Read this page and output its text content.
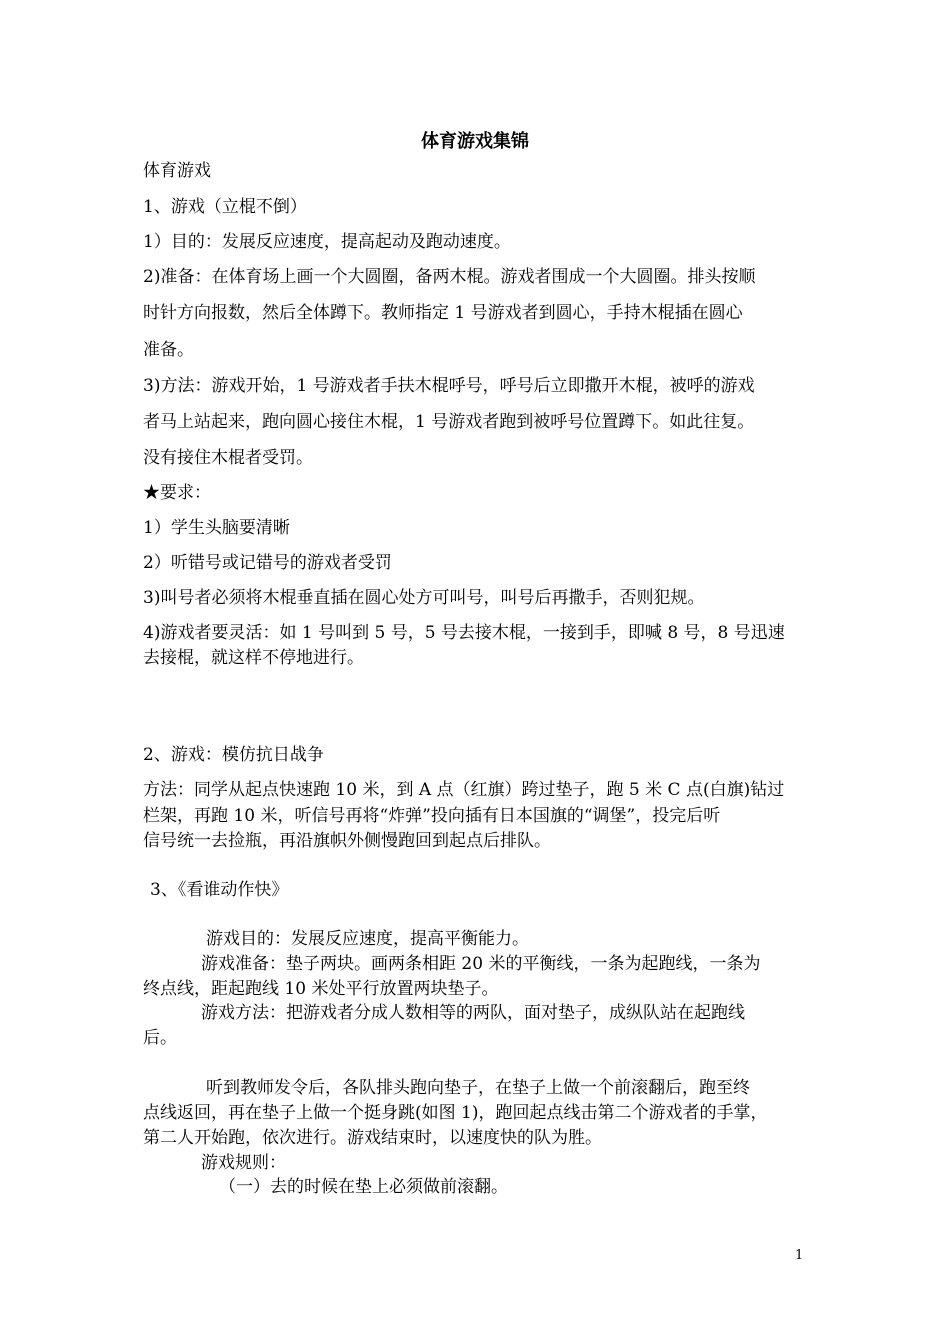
体育游戏集锦
体育游戏
1、游戏（立棍不倒）
1）目的：发展反应速度，提高起动及跑动速度。
2)准备：在体育场上画一个大圆圈，备两木棍。游戏者围成一个大圆圈。排头按顺
时针方向报数，然后全体蹲下。教师指定 1 号游戏者到圆心，手持木棍插在圆心
准备。
3)方法：游戏开始，1 号游戏者手扶木棍呼号，呼号后立即撒开木棍，被呼的游戏
者马上站起来，跑向圆心接住木棍，1 号游戏者跑到被呼号位置蹲下。如此往复。
没有接住木棍者受罚。
★要求：
1）学生头脑要清晰
2）听错号或记错号的游戏者受罚
3)叫号者必须将木棍垂直插在圆心处方可叫号，叫号后再撒手，否则犯规。
4)游戏者要灵活：如 1 号叫到 5 号，5 号去接木棍，一接到手，即喊 8 号，8 号迅速
去接棍，就这样不停地进行。
2、游戏：模仿抗日战争
方法：同学从起点快速跑 10 米，到 A 点（红旗）跨过垫子，跑 5 米 C 点(白旗)钻过
栏架，再跑 10 米，听信号再将“炸弹”投向插有日本国旗的“调堡”，投完后听
信号统一去捡瓶，再沿旗帜外侧慢跑回到起点后排队。
3、《看谁动作快》
游戏目的：发展反应速度，提高平衡能力。
游戏准备：垫子两块。画两条相距 20 米的平衡线，一条为起跑线，一条为
终点线，距起跑线 10 米处平行放置两块垫子。
游戏方法：把游戏者分成人数相等的两队，面对垫子，成纵队站在起跑线
后。
听到教师发令后，各队排头跑向垫子，在垫子上做一个前滚翻后，跑至终
点线返回，再在垫子上做一个挺身跳(如图 1)，跑回起点线击第二个游戏者的手掌，
第二人开始跑，依次进行。游戏结束时，以速度快的队为胜。
游戏规则：
（一）去的时候在垫上必须做前滚翻。
1
